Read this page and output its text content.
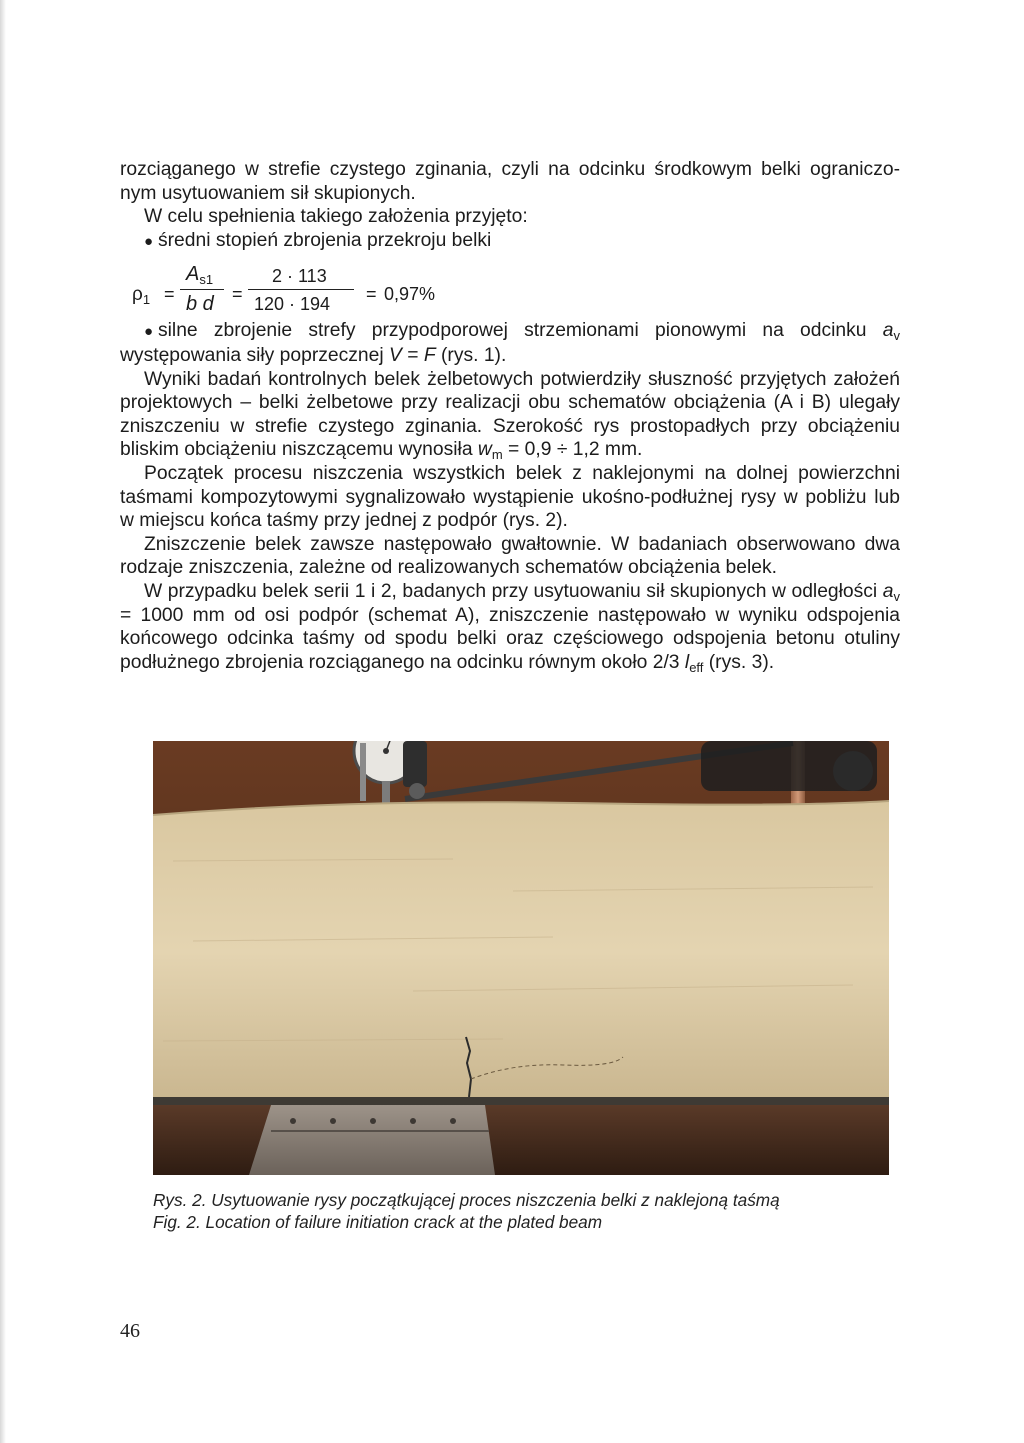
rozciąganego w strefie czystego zginania, czyli na odcinku środkowym belki ograniczo-

nym usytuowaniem sił skupionych.

W celu spełnienia takiego założenia przyjęto:

● średni stopień zbrojenia przekroju belki
$\rho_1$ =
$A_{s1}$
b d =
2 · 113
120 · 194 = 0,97%
● silne zbrojenie strefy przypodporowej strzemionami pionowymi na odcinku $a_v$

występowania siły poprzecznej V = F (rys. 1).

Wyniki badań kontrolnych belek żelbetowych potwierdziły słuszność przyjętych założeń projektowych – belki żelbetowe przy realizacji obu schematów obciążenia (A i B) ulegały zniszczeniu w strefie czystego zginania. Szerokość rys prostopadłych przy obciążeniu bliskim obciążeniu niszczącemu wynosiła $w_m = 0,9 \div 1,2$ mm.

Początek procesu niszczenia wszystkich belek z naklejonymi na dolnej powierzchni taśmami kompozytowymi sygnalizowało wystąpienie ukośno-podłużnej rysy w pobliżu lub w miejscu końca taśmy przy jednej z podpór (rys. 2).

Zniszczenie belek zawsze następowało gwałtownie. W badaniach obserwowano dwa rodzaje zniszczenia, zależne od realizowanych schematów obciążenia belek.

W przypadku belek serii 1 i 2, badanych przy usytuowaniu sił skupionych w odległości $a_v = 1000$ mm od osi podpór (schemat A), zniszczenie następowało w wyniku odspojenia końcowego odcinka taśmy od spodu belki oraz częściowego odspojenia betonu otuliny podłużnego zbrojenia rozciąganego na odcinku równym około 2/3 $l_{eff}$ (rys. 3).

Rys. 2. Usytuowanie rysy początkującej proces niszczenia belki z naklejoną taśmą
Fig. 2. Location of failure initiation crack at the plated beam
46
